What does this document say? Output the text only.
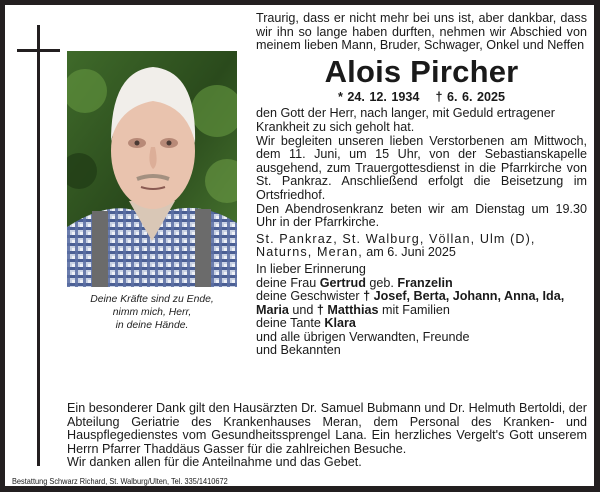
Deine Kräfte sind zu Ende,
nimm mich, Herr,
in deine Hände.

Traurig, dass er nicht mehr bei uns ist, aber dankbar, dass wir ihn so lange haben durften, nehmen wir Abschied von meinem lieben Mann, Bruder, Schwager, Onkel und Neffen

Alois Pircher

* 24. 12. 1934 † 6. 6. 2025

den Gott der Herr, nach langer, mit Geduld ertragener Krankheit zu sich geholt hat.

Wir begleiten unseren lieben Verstorbenen am Mittwoch, dem 11. Juni, um 15 Uhr, von der Sebastianskapelle ausgehend, zum Trauergottesdienst in die Pfarrkirche von St. Pankraz. Anschließend erfolgt die Beisetzung im Ortsfriedhof.

Den Abendrosenkranz beten wir am Dienstag um 19.30 Uhr in der Pfarrkirche.

St. Pankraz, St. Walburg, Völlan, Ulm (D),
Naturns, Meran, am 6. Juni 2025

In lieber Erinnerung

deine Frau Gertrud geb. Franzelin

deine Geschwister † Josef, Berta, Johann, Anna, Ida, Maria und † Matthias mit Familien

deine Tante Klara

und alle übrigen Verwandten, Freunde

und Bekannten

Ein besonderer Dank gilt den Hausärzten Dr. Samuel Bubmann und Dr. Helmuth Bertoldi, der Abteilung Geriatrie des Krankenhauses Meran, dem Personal des Kranken- und Hauspflegedienstes vom Gesundheitssprengel Lana. Ein herzliches Vergelt's Gott unserem Herrn Pfarrer Thaddäus Gasser für die zahlreichen Besuche.

Wir danken allen für die Anteilnahme und das Gebet.

Bestattung Schwarz Richard, St. Walburg/Ulten, Tel. 335/1410672
